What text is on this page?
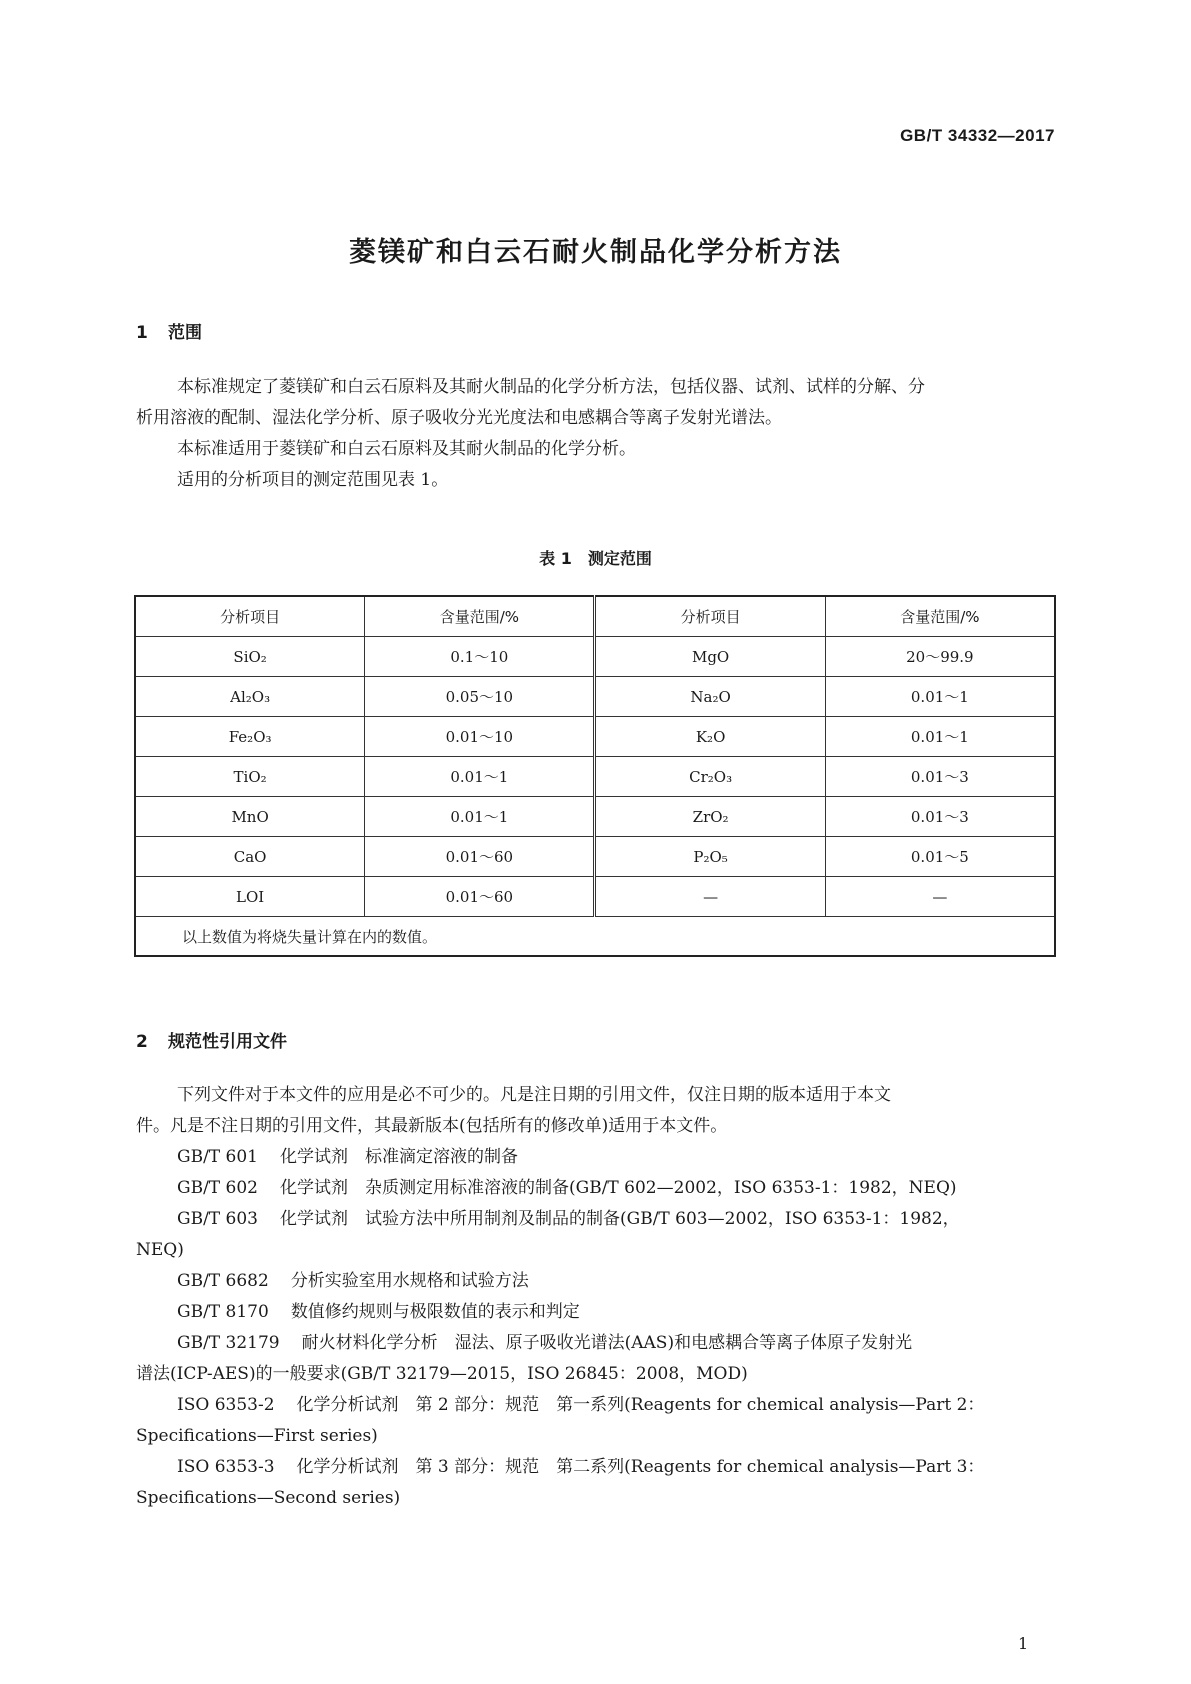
GB/T 34332—2017
菱镁矿和白云石耐火制品化学分析方法
1 范围
本标准规定了菱镁矿和白云石原料及其耐火制品的化学分析方法，包括仪器、试剂、试样的分解、分
析用溶液的配制、湿法化学分析、原子吸收分光光度法和电感耦合等离子发射光谱法。
本标准适用于菱镁矿和白云石原料及其耐火制品的化学分析。
适用的分析项目的测定范围见表 1。
表 1　测定范围
分析项目	含量范围/%	分析项目	含量范围/%
SiO₂	0.1～10	MgO	20～99.9
Al₂O₃	0.05～10	Na₂O	0.01～1
Fe₂O₃	0.01～10	K₂O	0.01～1
TiO₂	0.01～1	Cr₂O₃	0.01～3
MnO	0.01～1	ZrO₂	0.01～3
CaO	0.01～60	P₂O₅	0.01～5
LOI	0.01～60	—	—
以上数值为将烧失量计算在内的数值。			
2 规范性引用文件
下列文件对于本文件的应用是必不可少的。凡是注日期的引用文件，仅注日期的版本适用于本文
件。凡是不注日期的引用文件，其最新版本(包括所有的修改单)适用于本文件。
GB/T 601 化学试剂　标准滴定溶液的制备
GB/T 602 化学试剂　杂质测定用标准溶液的制备(GB/T 602—2002，ISO 6353-1：1982，NEQ)
GB/T 603 化学试剂　试验方法中所用制剂及制品的制备(GB/T 603—2002，ISO 6353-1：1982，
NEQ)
GB/T 6682 分析实验室用水规格和试验方法
GB/T 8170 数值修约规则与极限数值的表示和判定
GB/T 32179 耐火材料化学分析　湿法、原子吸收光谱法(AAS)和电感耦合等离子体原子发射光
谱法(ICP-AES)的一般要求(GB/T 32179—2015，ISO 26845：2008，MOD)
ISO 6353-2 化学分析试剂　第 2 部分：规范　第一系列(Reagents for chemical analysis—Part 2：
Specifications—First series)
ISO 6353-3 化学分析试剂　第 3 部分：规范　第二系列(Reagents for chemical analysis—Part 3：
Specifications—Second series)
1
